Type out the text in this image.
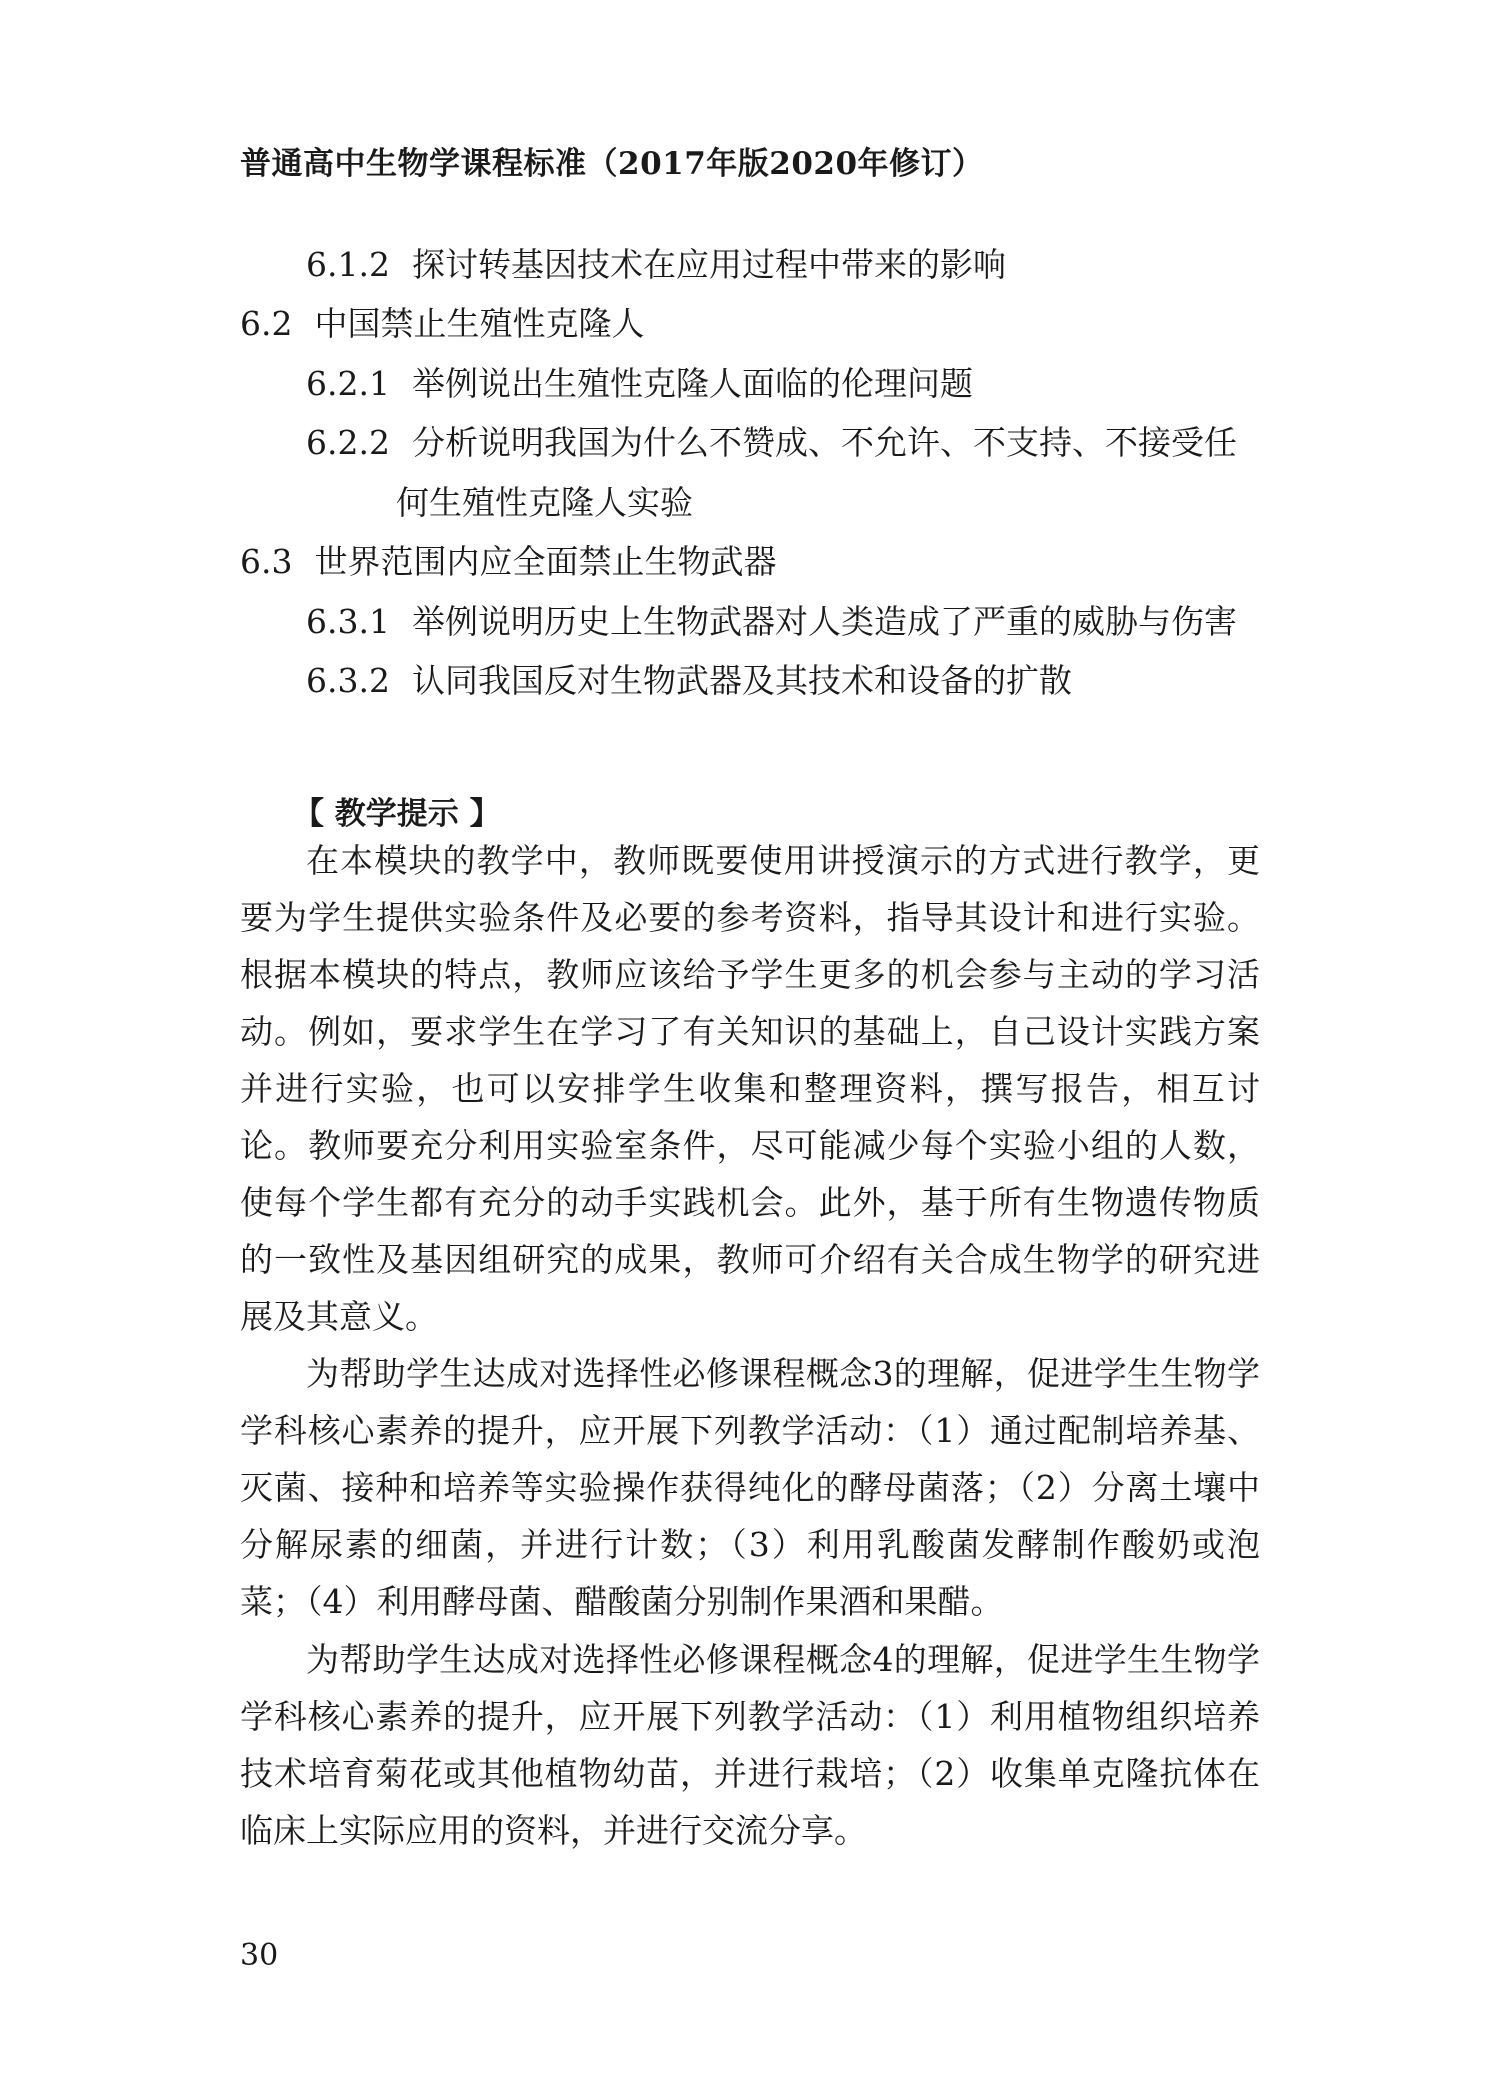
普通高中生物学课程标准（2017年版2020年修订）
6.1.2 探讨转基因技术在应用过程中带来的影响
6.2 中国禁止生殖性克隆人
6.2.1 举例说出生殖性克隆人面临的伦理问题
6.2.2 分析说明我国为什么不赞成、不允许、不支持、不接受任
何生殖性克隆人实验
6.3 世界范围内应全面禁止生物武器
6.3.1 举例说明历史上生物武器对人类造成了严重的威胁与伤害
6.3.2 认同我国反对生物武器及其技术和设备的扩散
【 教学提示 】

在本模块的教学中，教师既要使用讲授演示的方式进行教学，更要为学生提供实验条件及必要的参考资料，指导其设计和进行实验。根据本模块的特点，教师应该给予学生更多的机会参与主动的学习活动。例如，要求学生在学习了有关知识的基础上，自己设计实践方案并进行实验，也可以安排学生收集和整理资料，撰写报告，相互讨论。教师要充分利用实验室条件，尽可能减少每个实验小组的人数，使每个学生都有充分的动手实践机会。此外，基于所有生物遗传物质的一致性及基因组研究的成果，教师可介绍有关合成生物学的研究进展及其意义。

为帮助学生达成对选择性必修课程概念3的理解，促进学生生物学学科核心素养的提升，应开展下列教学活动：（1）通过配制培养基、灭菌、接种和培养等实验操作获得纯化的酵母菌落；（2）分离土壤中分解尿素的细菌，并进行计数；（3）利用乳酸菌发酵制作酸奶或泡菜；（4）利用酵母菌、醋酸菌分别制作果酒和果醋。

为帮助学生达成对选择性必修课程概念4的理解，促进学生生物学学科核心素养的提升，应开展下列教学活动：（1）利用植物组织培养技术培育菊花或其他植物幼苗，并进行栽培；（2）收集单克隆抗体在临床上实际应用的资料，并进行交流分享。

30
